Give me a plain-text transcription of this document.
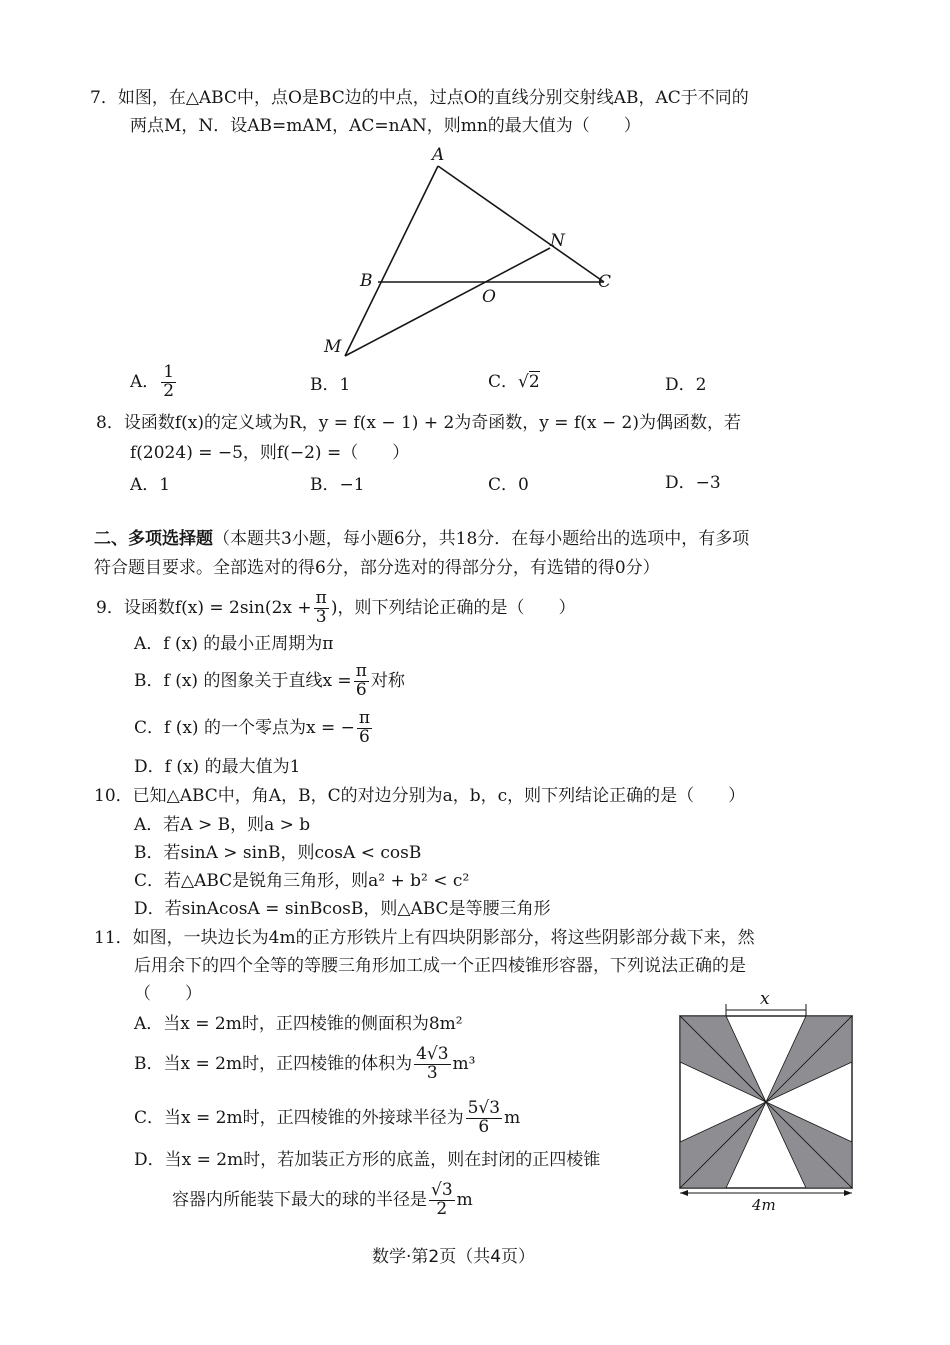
7．如图，在△ABC中，点O是BC边的中点，过点O的直线分别交射线AB，AC于不同的
两点M，N．设AB=mAM，AC=nAN，则mn的最大值为（　　）
A
B	C
N
O
M
A． $\frac{1}{2}$	B．1	C．√2	D．2
8．设函数f(x)的定义域为R，y = f(x − 1) + 2为奇函数，y = f(x − 2)为偶函数，若
f(2024) = −5，则f(−2) =（　　）
A．1	B．−1	C．0	D．−3
二、多项选择题（本题共3小题，每小题6分，共18分．在每小题给出的选项中，有多项
符合题目要求。全部选对的得6分，部分选对的得部分分，有选错的得0分）
9．设函数$f(x) = 2\sin(2x + \frac{\pi}{3}$ )，则下列结论正确的是（　　）
A．f (x) 的最小正周期为π
B．f (x) 的图象关于直线$x = \frac{\pi}{6}$ 对称
C．f (x) 的一个零点为x = − $\frac{\pi}{6}$
D．f (x) 的最大值为1
10．已知△ABC中，角A，B，C的对边分别为a，b，c，则下列结论正确的是（　　）
A．若A > B，则a > b
B．若sinA > sinB，则cosA < cosB
C．若△ABC是锐角三角形，则a² + b² < c²
D．若sinAcosA = sinBcosB，则△ABC是等腰三角形
11．如图，一块边长为4m的正方形铁片上有四块阴影部分，将这些阴影部分裁下来，然
后用余下的四个全等的等腰三角形加工成一个正四棱锥形容器，下列说法正确的是
（　　）
A．当x = 2m时，正四棱锥的侧面积为8m²
B．当x = 2m时，正四棱锥的体积为 $\frac{4√3}{3} m^3$
C．当x = 2m时，正四棱锥的外接球半径为 $\frac{5√3}{6}$ m
D．当x = 2m时，若加装正方形的底盖，则在封闭的正四棱锥
容器内所能装下最大的球的半径是 $\frac{√3}{2}$ m
x
4m
数学·第2页（共4页）
